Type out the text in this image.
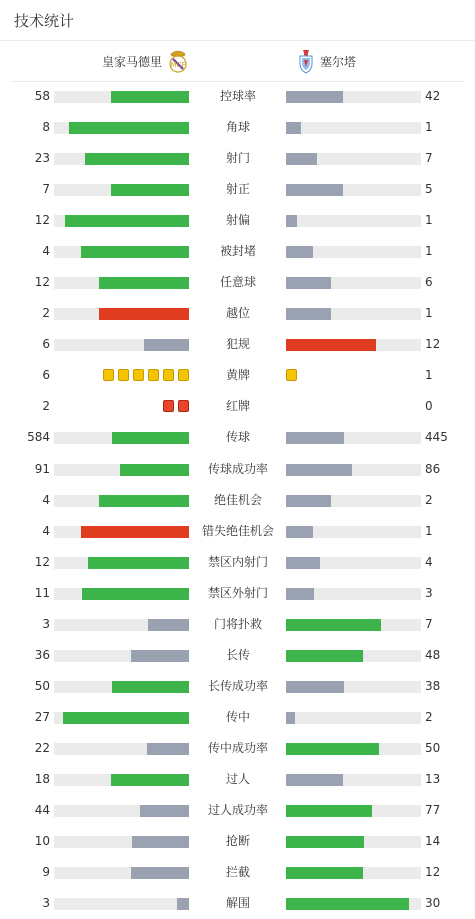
技术统计
皇家马德里 MCF	塞尔塔
58	控球率	42
8	角球	1
23	射门	7
7	射正	5
12	射偏	1
4	被封堵	1
12	任意球	6
2	越位	1
6	犯规	12
6	黄牌	1
2	红牌	0
584	传球	445
91	传球成功率	86
4	绝佳机会	2
4	错失绝佳机会	1
12	禁区内射门	4
11	禁区外射门	3
3	门将扑救	7
36	长传	48
50	长传成功率	38
27	传中	2
22	传中成功率	50
18	过人	13
44	过人成功率	77
10	抢断	14
9	拦截	12
3	解围	30
